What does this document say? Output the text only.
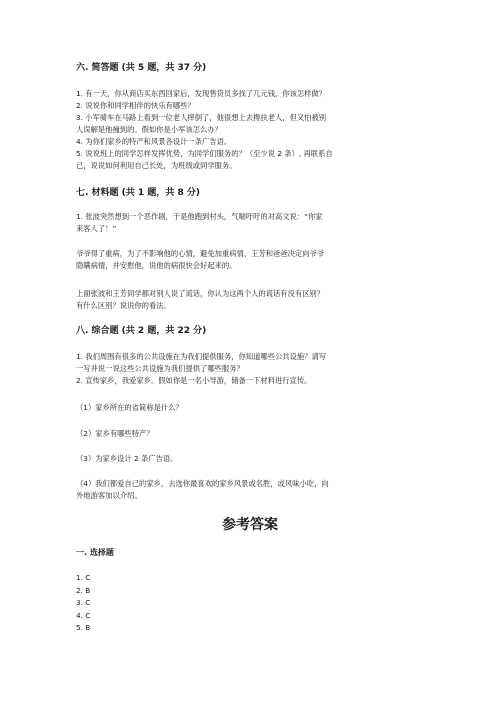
六. 简答题 (共 5 题，共 37 分)
1. 有一天，你从商店买东西回家后，发现售货员多找了几元钱，你该怎样做？
2. 说说你和同学相伴的快乐有哪些？
3. 小军骑车在马路上看到一位老人摔倒了，他很想上去搀扶老人，但又怕被别
人误解是他撞到的。假如你是小军该怎么办？
4. 为你们家乡的特产和风景各设计一条广告语。
5. 说说班上的同学怎样发挥优势，为同学们服务的？（至少说 2 条）, 再联系自
己，说说如何利用自己长处，为班级或同学服务。
七. 材料题 (共 1 题，共 8 分)
1. 张波突然想到一个恶作剧，于是他跑到村头，气喘吁吁的对高文说：“你家
来客人了！”
爷爷得了重病，为了不影响他的心情，避免加重病情，王芳和爸爸决定向爷爷
隐瞒病情，并安慰他，说他的病很快会好起来的。
上面张波和王芳同学都对别人说了谎话，你认为这两个人的谎话有没有区别？
有什么区别？说说你的看法。
八. 综合题 (共 2 题，共 22 分)
1. 我们周围有很多的公共设施在为我们提供服务，你知道哪些公共设施？请写
一写并说一说这些公共设施为我们提供了哪些服务？
2. 宣传家乡，我爱家乡。假如你是一名小导游，储备一下材料进行宣传。
（1）家乡所在的省简称是什么？
（2）家乡有哪些特产？
（3）为家乡设计 2 条广告语。
（4）我们都爱自己的家乡，去选你最喜欢的家乡风景或名胜，或风味小吃，向
外地游客加以介绍。
参考答案
一. 选择题
1. C
2. B
3. C
4. C
5. B
